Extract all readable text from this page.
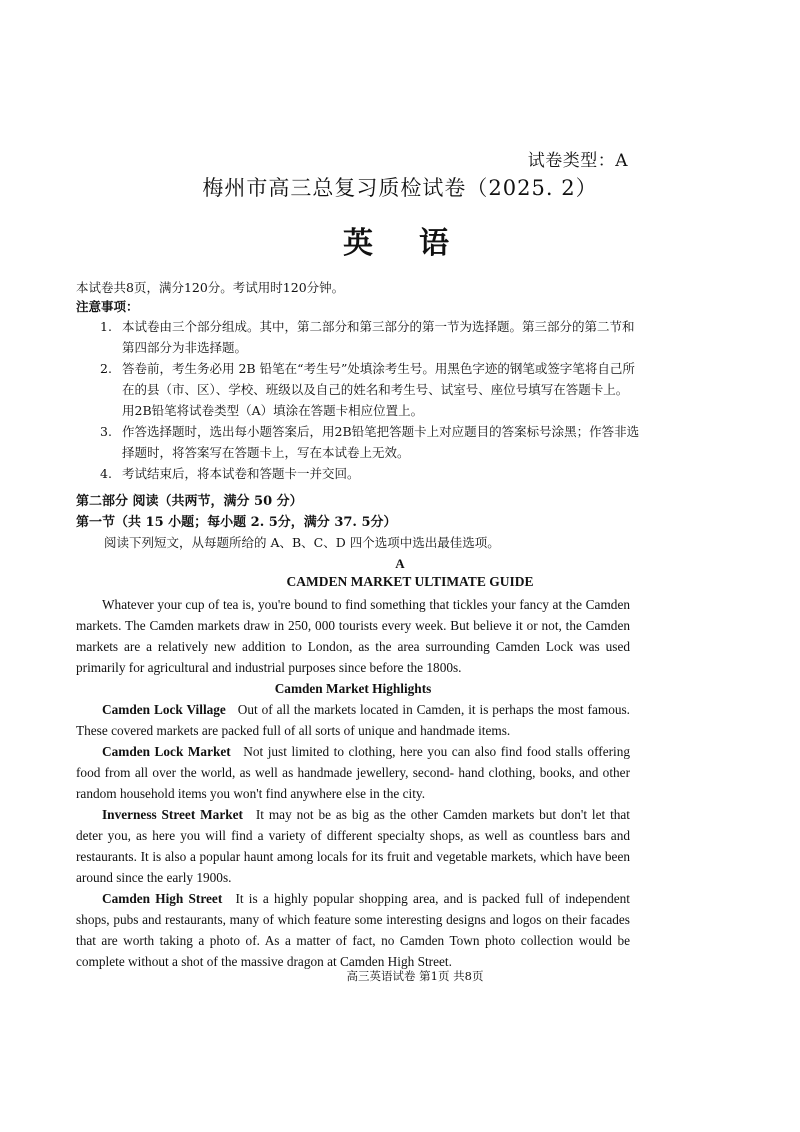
试卷类型：A
梅州市高三总复习质检试卷（2025. 2）
英语
本试卷共8页，满分120分。考试用时120分钟。
注意事项：
1. 本试卷由三个部分组成。其中，第二部分和第三部分的第一节为选择题。第三部分的第二节和第四部分为非选择题。
2. 答卷前，考生务必用 2B 铅笔在“考生号”处填涂考生号。用黑色字迹的钢笔或签字笔将自己所在的县（市、区）、学校、班级以及自己的姓名和考生号、试室号、座位号填写在答题卡上。用2B铅笔将试卷类型（A）填涂在答题卡相应位置上。
3. 作答选择题时，选出每小题答案后，用2B铅笔把答题卡上对应题目的答案标号涂黑；作答非选择题时，将答案写在答题卡上，写在本试卷上无效。
4. 考试结束后，将本试卷和答题卡一并交回。
第二部分 阅读（共两节，满分 50 分）
第一节（共 15 小题；每小题 2. 5分，满分 37. 5分）
阅读下列短文，从每题所给的 A、B、C、D 四个选项中选出最佳选项。
A
CAMDEN MARKET ULTIMATE GUIDE

Whatever your cup of tea is, you're bound to find something that tickles your fancy at the Camden markets. The Camden markets draw in 250, 000 tourists every week. But believe it or not, the Camden markets are a relatively new addition to London, as the area surrounding Camden Lock was used primarily for agricultural and industrial purposes since before the 1800s.

Camden Market Highlights

Camden Lock Village Out of all the markets located in Camden, it is perhaps the most famous. These covered markets are packed full of all sorts of unique and handmade items.

Camden Lock Market Not just limited to clothing, here you can also find food stalls offering food from all over the world, as well as handmade jewellery, second- hand clothing, books, and other random household items you won't find anywhere else in the city.

Inverness Street Market It may not be as big as the other Camden markets but don't let that deter you, as here you will find a variety of different specialty shops, as well as countless bars and restaurants. It is also a popular haunt among locals for its fruit and vegetable markets, which have been around since the early 1900s.

Camden High Street It is a highly popular shopping area, and is packed full of independent shops, pubs and restaurants, many of which feature some interesting designs and logos on their facades that are worth taking a photo of. As a matter of fact, no Camden Town photo collection would be complete without a shot of the massive dragon at Camden High Street.

高三英语试卷 第1页 共8页
